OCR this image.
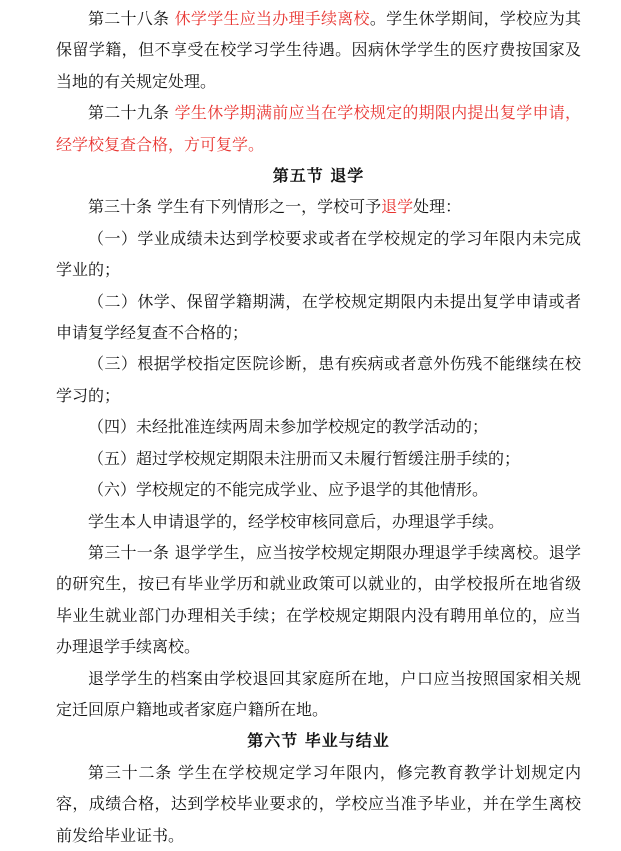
第二十八条 休学学生应当办理手续离校。学生休学期间，学校应为其保留学籍，但不享受在校学习学生待遇。因病休学学生的医疗费按国家及当地的有关规定处理。

第二十九条 学生休学期满前应当在学校规定的期限内提出复学申请，经学校复查合格，方可复学。

第五节 退学

第三十条 学生有下列情形之一，学校可予退学处理：

（一）学业成绩未达到学校要求或者在学校规定的学习年限内未完成学业的；

（二）休学、保留学籍期满，在学校规定期限内未提出复学申请或者申请复学经复查不合格的；

（三）根据学校指定医院诊断，患有疾病或者意外伤残不能继续在校学习的；

（四）未经批准连续两周未参加学校规定的教学活动的；

（五）超过学校规定期限未注册而又未履行暂缓注册手续的；

（六）学校规定的不能完成学业、应予退学的其他情形。

学生本人申请退学的，经学校审核同意后，办理退学手续。

第三十一条 退学学生，应当按学校规定期限办理退学手续离校。退学的研究生，按已有毕业学历和就业政策可以就业的，由学校报所在地省级毕业生就业部门办理相关手续；在学校规定期限内没有聘用单位的，应当办理退学手续离校。

退学学生的档案由学校退回其家庭所在地，户口应当按照国家相关规定迁回原户籍地或者家庭户籍所在地。

第六节 毕业与结业

第三十二条 学生在学校规定学习年限内，修完教育教学计划规定内容，成绩合格，达到学校毕业要求的，学校应当准予毕业，并在学生离校前发给毕业证书。
